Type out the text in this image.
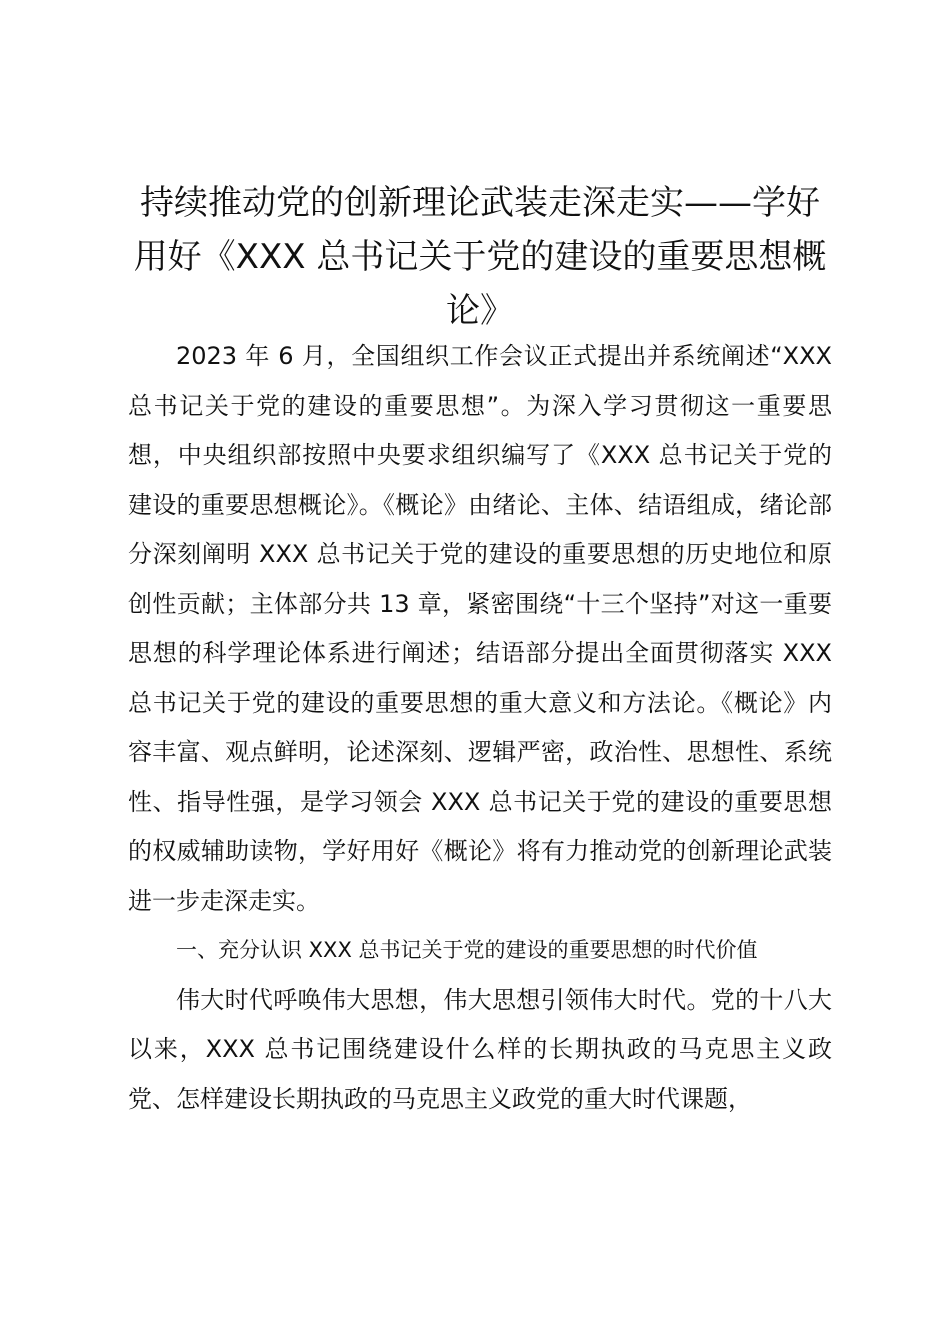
持续推动党的创新理论武装走深走实——学好用好《XXX 总书记关于党的建设的重要思想概论》

2023 年 6 月，全国组织工作会议正式提出并系统阐述“XXX 总书记关于党的建设的重要思想”。为深入学习贯彻这一重要思想，中央组织部按照中央要求组织编写了《XXX 总书记关于党的建设的重要思想概论》。《概论》由绪论、主体、结语组成，绪论部分深刻阐明 XXX 总书记关于党的建设的重要思想的历史地位和原创性贡献；主体部分共 13 章，紧密围绕“十三个坚持”对这一重要思想的科学理论体系进行阐述；结语部分提出全面贯彻落实 XXX 总书记关于党的建设的重要思想的重大意义和方法论。《概论》内容丰富、观点鲜明，论述深刻、逻辑严密，政治性、思想性、系统性、指导性强，是学习领会 XXX 总书记关于党的建设的重要思想的权威辅助读物，学好用好《概论》将有力推动党的创新理论武装进一步走深走实。

一、充分认识 XXX 总书记关于党的建设的重要思想的时代价值

伟大时代呼唤伟大思想，伟大思想引领伟大时代。党的十八大以来，XXX 总书记围绕建设什么样的长期执政的马克思主义政党、怎样建设长期执政的马克思主义政党的重大时代课题，
